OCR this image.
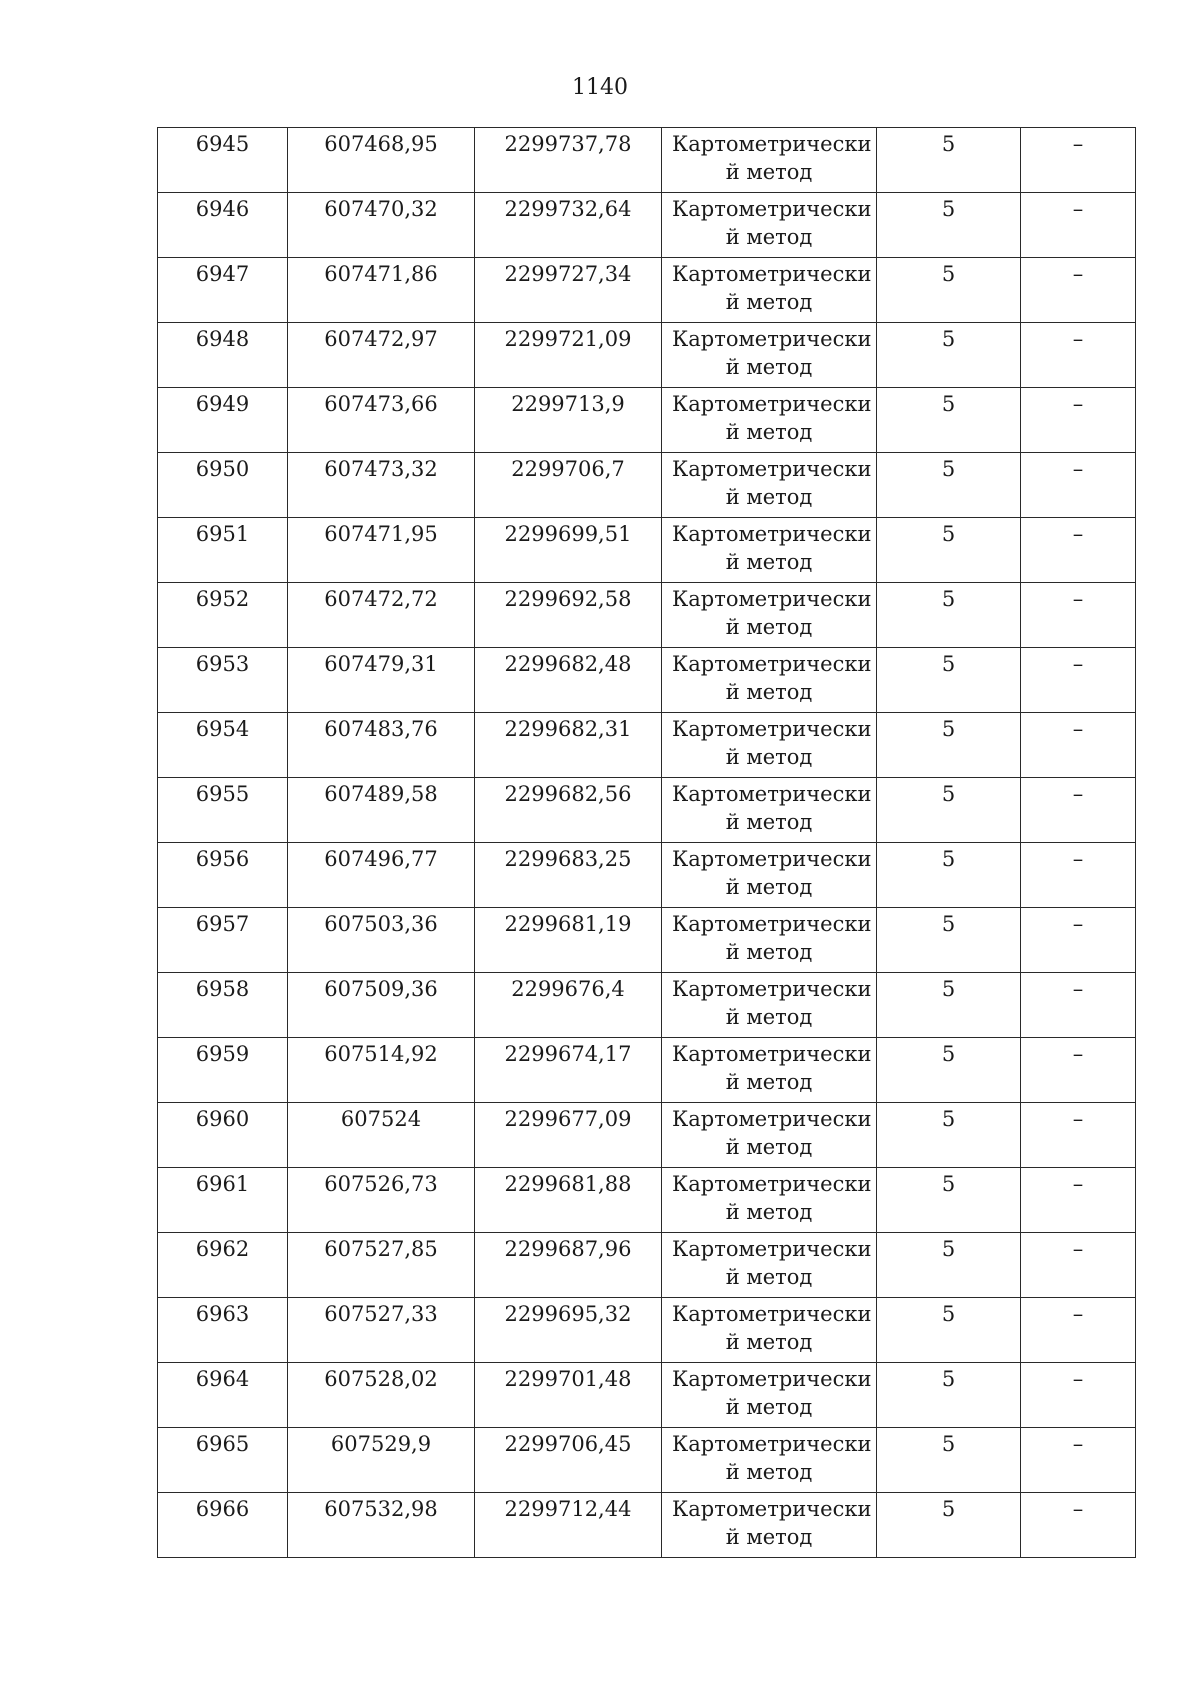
1140
6945	607468,95	2299737,78	Картометрически
й метод	5	–
6946	607470,32	2299732,64	Картометрически
й метод	5	–
6947	607471,86	2299727,34	Картометрически
й метод	5	–
6948	607472,97	2299721,09	Картометрически
й метод	5	–
6949	607473,66	2299713,9	Картометрически
й метод	5	–
6950	607473,32	2299706,7	Картометрически
й метод	5	–
6951	607471,95	2299699,51	Картометрически
й метод	5	–
6952	607472,72	2299692,58	Картометрически
й метод	5	–
6953	607479,31	2299682,48	Картометрически
й метод	5	–
6954	607483,76	2299682,31	Картометрически
й метод	5	–
6955	607489,58	2299682,56	Картометрически
й метод	5	–
6956	607496,77	2299683,25	Картометрически
й метод	5	–
6957	607503,36	2299681,19	Картометрически
й метод	5	–
6958	607509,36	2299676,4	Картометрически
й метод	5	–
6959	607514,92	2299674,17	Картометрически
й метод	5	–
6960	607524	2299677,09	Картометрически
й метод	5	–
6961	607526,73	2299681,88	Картометрически
й метод	5	–
6962	607527,85	2299687,96	Картометрически
й метод	5	–
6963	607527,33	2299695,32	Картометрически
й метод	5	–
6964	607528,02	2299701,48	Картометрически
й метод	5	–
6965	607529,9	2299706,45	Картометрически
й метод	5	–
6966	607532,98	2299712,44	Картометрически
й метод	5	–
